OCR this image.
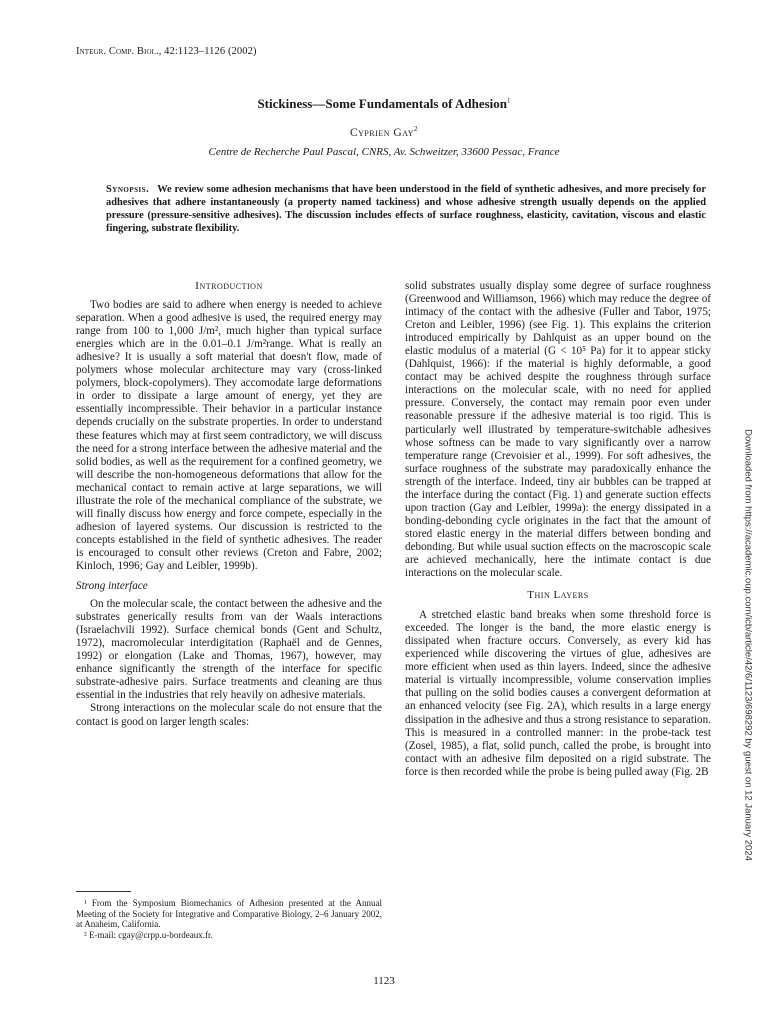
Integr. Comp. Biol., 42:1123–1126 (2002)
Stickiness—Some Fundamentals of Adhesion$^1$
Cyprien Gay$^2$
Centre de Recherche Paul Pascal, CNRS, Av. Schweitzer, 33600 Pessac, France
Synopsis. We review some adhesion mechanisms that have been understood in the field of synthetic adhesives, and more precisely for adhesives that adhere instantaneously (a property named tackiness) and whose adhesive strength usually depends on the applied pressure (pressure-sensitive adhesives). The discussion includes effects of surface roughness, elasticity, cavitation, viscous and elastic fingering, substrate flexibility.
Introduction

Two bodies are said to adhere when energy is needed to achieve separation. When a good adhesive is used, the required energy may range from 100 to 1,000 J/m², much higher than typical surface energies which are in the 0.01–0.1 J/m²range. What is really an adhesive? It is usually a soft material that doesn't flow, made of polymers whose molecular architecture may vary (cross-linked polymers, block-copolymers). They accomodate large deformations in order to dissipate a large amount of energy, yet they are essentially incompressible. Their behavior in a particular instance depends crucially on the substrate properties. In order to understand these features which may at first seem contradictory, we will discuss the need for a strong interface between the adhesive material and the solid bodies, as well as the requirement for a confined geometry, we will describe the non-homogeneous deformations that allow for the mechanical contact to remain active at large separations, we will illustrate the role of the mechanical compliance of the substrate, we will finally discuss how energy and force compete, especially in the adhesion of layered systems. Our discussion is restricted to the concepts established in the field of synthetic adhesives. The reader is encouraged to consult other reviews (Creton and Fabre, 2002; Kinloch, 1996; Gay and Leibler, 1999b).

Strong interface

On the molecular scale, the contact between the adhesive and the substrates generically results from van der Waals interactions (Israelachvili 1992). Surface chemical bonds (Gent and Schultz, 1972), macromolecular interdigitation (Raphaël and de Gennes, 1992) or elongation (Lake and Thomas, 1967), however, may enhance significantly the strength of the interface for specific substrate-adhesive pairs. Surface treatments and cleaning are thus essential in the industries that rely heavily on adhesive materials.

Strong interactions on the molecular scale do not ensure that the contact is good on larger length scales:

solid substrates usually display some degree of surface roughness (Greenwood and Williamson, 1966) which may reduce the degree of intimacy of the contact with the adhesive (Fuller and Tabor, 1975; Creton and Leibler, 1996) (see Fig. 1). This explains the criterion introduced empirically by Dahlquist as an upper bound on the elastic modulus of a material (G < 10⁵ Pa) for it to appear sticky (Dahlquist, 1966): if the material is highly deformable, a good contact may be achived despite the roughness through surface interactions on the molecular scale, with no need for applied pressure. Conversely, the contact may remain poor even under reasonable pressure if the adhesive material is too rigid. This is particularly well illustrated by temperature-switchable adhesives whose softness can be made to vary significantly over a narrow temperature range (Crevoisier et al., 1999). For soft adhesives, the surface roughness of the substrate may paradoxically enhance the strength of the interface. Indeed, tiny air bubbles can be trapped at the interface during the contact (Fig. 1) and generate suction effects upon traction (Gay and Leibler, 1999a): the energy dissipated in a bonding-debonding cycle originates in the fact that the amount of stored elastic energy in the material differs between bonding and debonding. But while usual suction effects on the macroscopic scale are achieved mechanically, here the intimate contact is due interactions on the molecular scale.

Thin Layers

A stretched elastic band breaks when some threshold force is exceeded. The longer is the band, the more elastic energy is dissipated when fracture occurs. Conversely, as every kid has experienced while discovering the virtues of glue, adhesives are more efficient when used as thin layers. Indeed, since the adhesive material is virtually incompressible, volume conservation implies that pulling on the solid bodies causes a convergent deformation at an enhanced velocity (see Fig. 2A), which results in a large energy dissipation in the adhesive and thus a strong resistance to separation. This is measured in a controlled manner: in the probe-tack test (Zosel, 1985), a flat, solid punch, called the probe, is brought into contact with an adhesive film deposited on a rigid substrate. The force is then recorded while the probe is being pulled away (Fig. 2B

¹ From the Symposium Biomechanics of Adhesion presented at the Annual Meeting of the Society for Integrative and Comparative Biology, 2–6 January 2002, at Anaheim, California.

² E-mail: cgay@crpp.u-bordeaux.fr.

1123
Downloaded from https://academic.oup.com/icb/article/42/6/1123/698292 by guest on 12 January 2024
